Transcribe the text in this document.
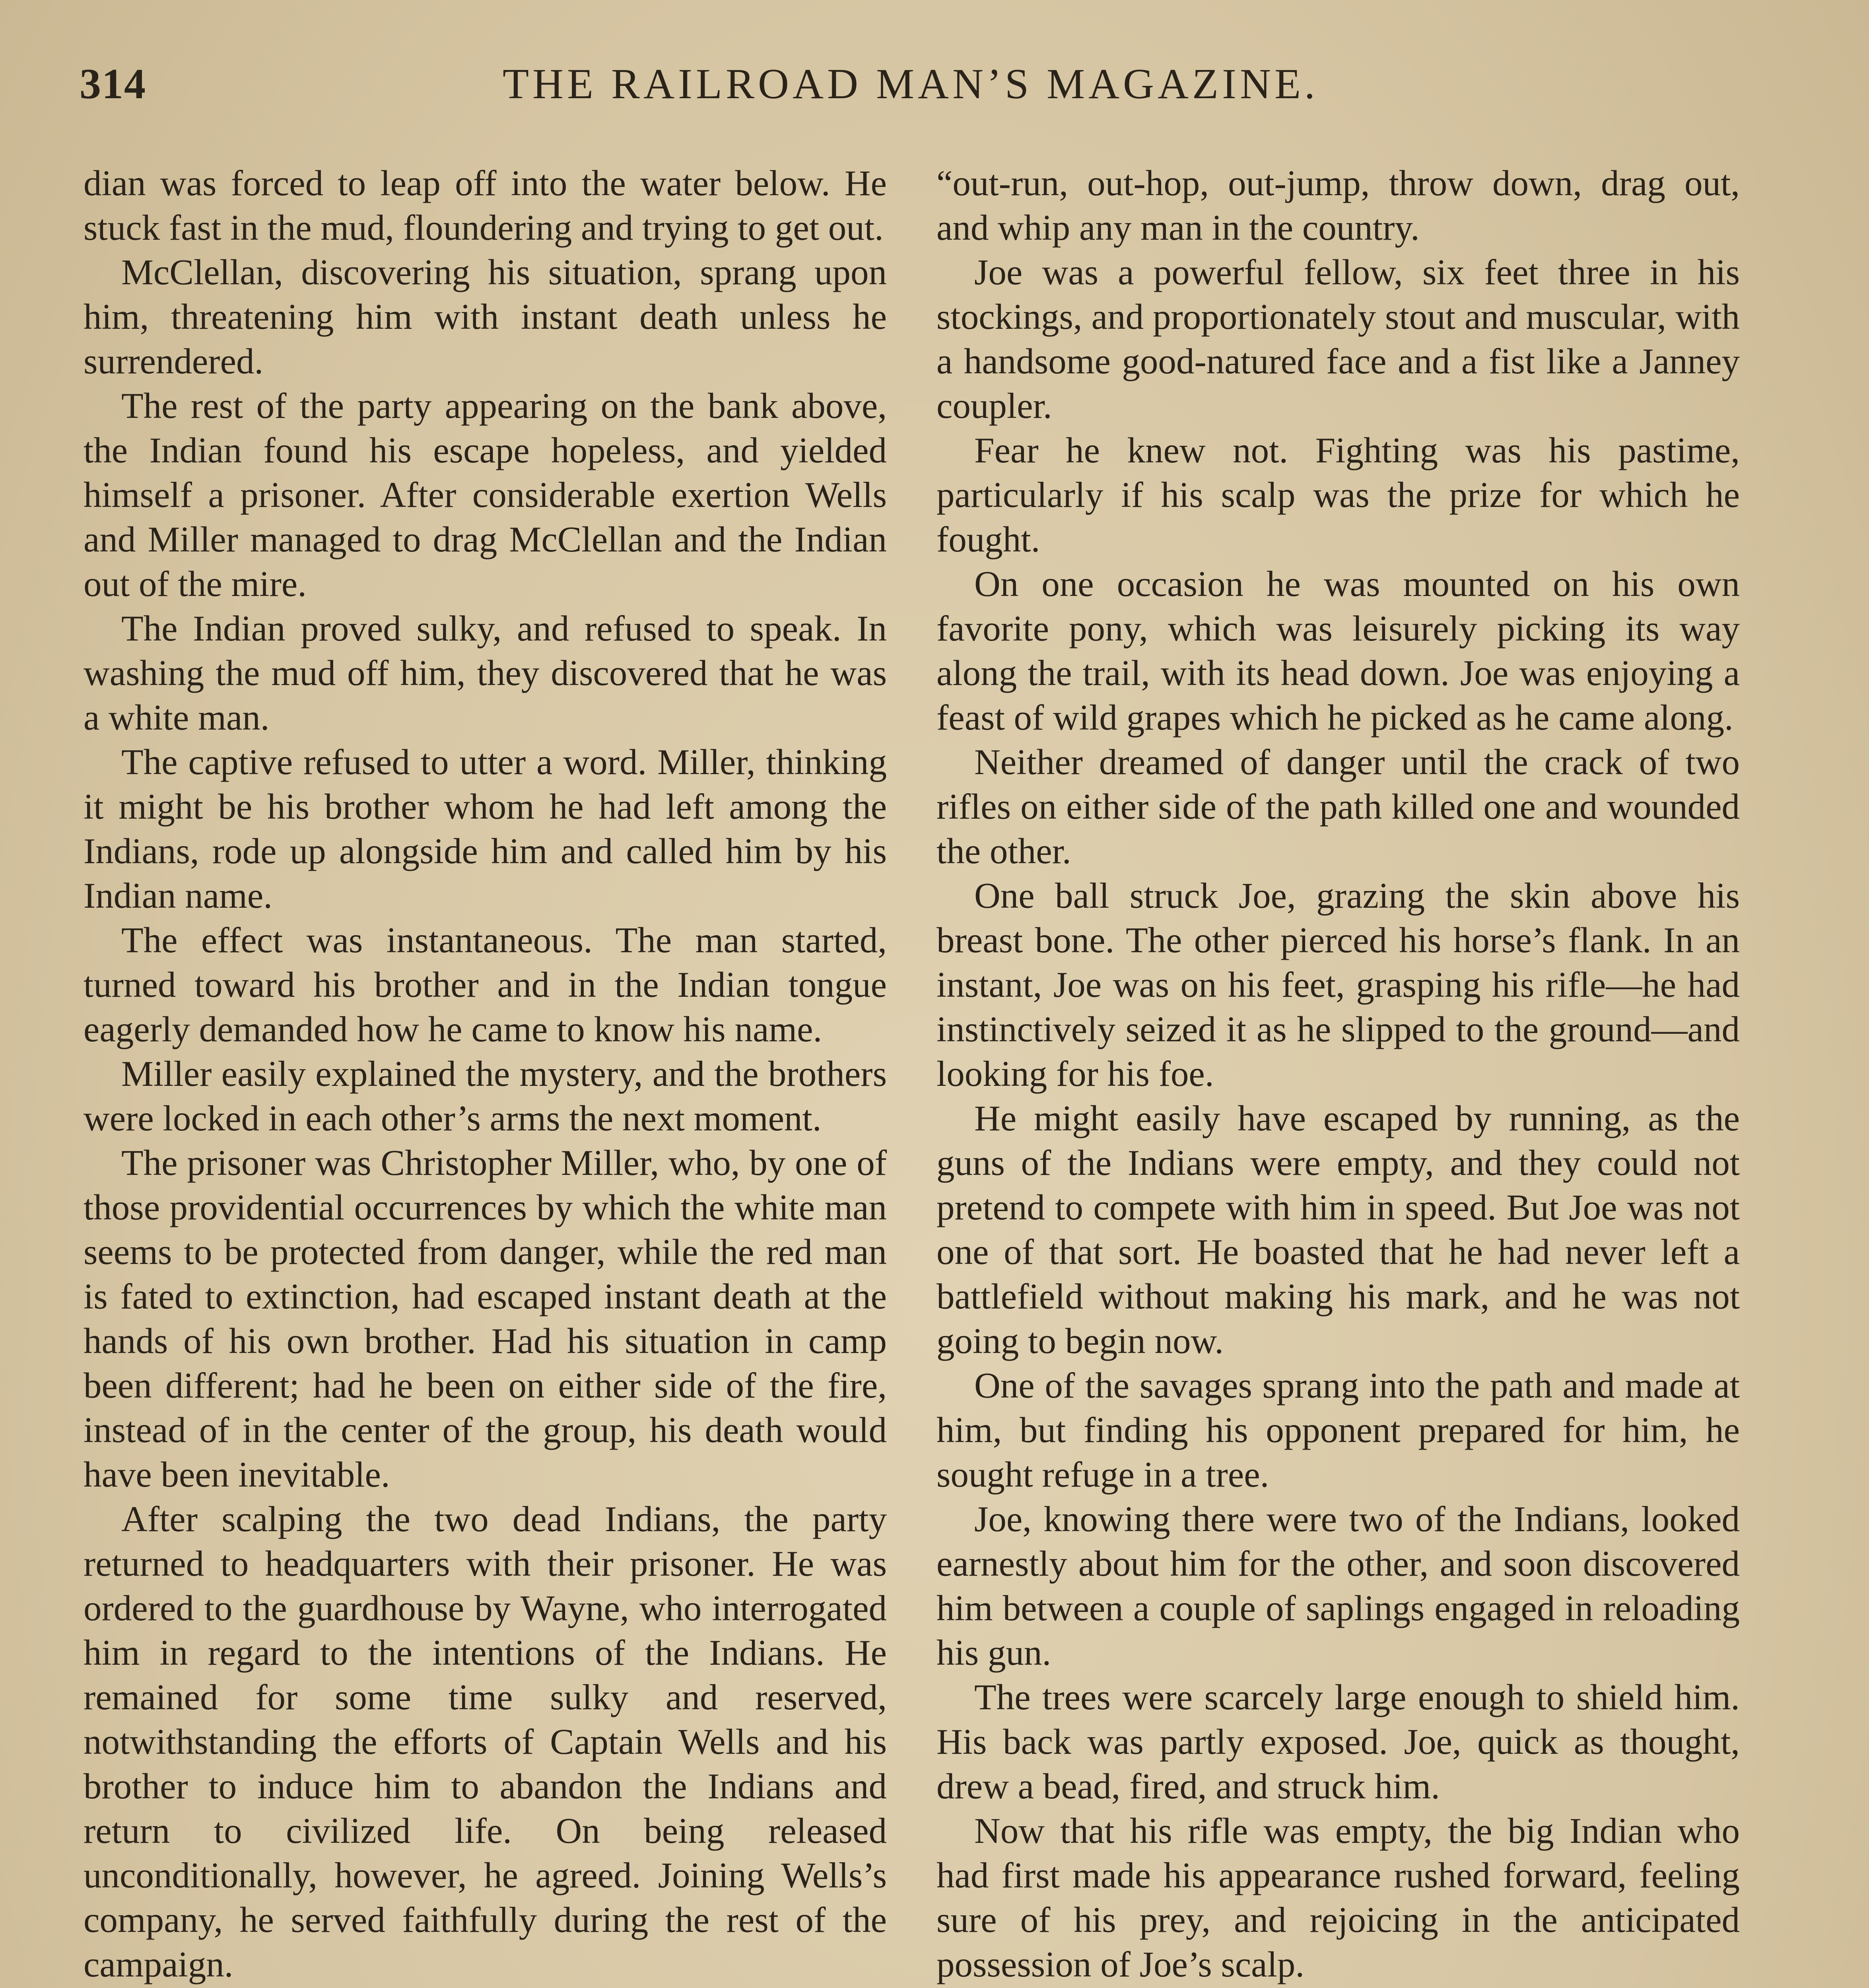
314	THE RAILROAD MAN’S MAGAZINE.

dian was forced to leap off into the water below. He stuck fast in the mud, floundering and trying to get out.

McClellan, discovering his situation, sprang upon him, threatening him with instant death unless he surrendered.

The rest of the party appearing on the bank above, the Indian found his escape hopeless, and yielded himself a prisoner. After considerable exertion Wells and Miller managed to drag McClellan and the Indian out of the mire.

The Indian proved sulky, and refused to speak. In washing the mud off him, they discovered that he was a white man.

The captive refused to utter a word. Miller, thinking it might be his brother whom he had left among the Indians, rode up alongside him and called him by his Indian name.

The effect was instantaneous. The man started, turned toward his brother and in the Indian tongue eagerly demanded how he came to know his name.

Miller easily explained the mystery, and the brothers were locked in each other’s arms the next moment.

The prisoner was Christopher Miller, who, by one of those providential occurrences by which the white man seems to be protected from danger, while the red man is fated to extinction, had escaped instant death at the hands of his own brother. Had his situation in camp been different; had he been on either side of the fire, instead of in the center of the group, his death would have been inevitable.

After scalping the two dead Indians, the party returned to headquarters with their prisoner. He was ordered to the guardhouse by Wayne, who interrogated him in regard to the intentions of the Indians. He remained for some time sulky and reserved, notwithstanding the efforts of Captain Wells and his brother to induce him to abandon the Indians and return to civilized life. On being released unconditionally, however, he agreed. Joining Wells’s company, he served faithfully during the rest of the campaign.

“out-run, out-hop, out-jump, throw down, drag out, and whip any man in the country.

Joe was a powerful fellow, six feet three in his stockings, and proportionately stout and muscular, with a handsome good-natured face and a fist like a Janney coupler.

Fear he knew not. Fighting was his pastime, particularly if his scalp was the prize for which he fought.

On one occasion he was mounted on his own favorite pony, which was leisurely picking its way along the trail, with its head down. Joe was enjoying a feast of wild grapes which he picked as he came along.

Neither dreamed of danger until the crack of two rifles on either side of the path killed one and wounded the other.

One ball struck Joe, grazing the skin above his breast bone. The other pierced his horse’s flank. In an instant, Joe was on his feet, grasping his rifle—he had instinctively seized it as he slipped to the ground—and looking for his foe.

He might easily have escaped by running, as the guns of the Indians were empty, and they could not pretend to compete with him in speed. But Joe was not one of that sort. He boasted that he had never left a battlefield without making his mark, and he was not going to begin now.

One of the savages sprang into the path and made at him, but finding his opponent prepared for him, he sought refuge in a tree.

Joe, knowing there were two of the Indians, looked earnestly about him for the other, and soon discovered him between a couple of saplings engaged in reloading his gun.

The trees were scarcely large enough to shield him. His back was partly exposed. Joe, quick as thought, drew a bead, fired, and struck him.

Now that his rifle was empty, the big Indian who had first made his appearance rushed forward, feeling sure of his prey, and rejoicing in the anticipated possession of Joe’s scalp.
